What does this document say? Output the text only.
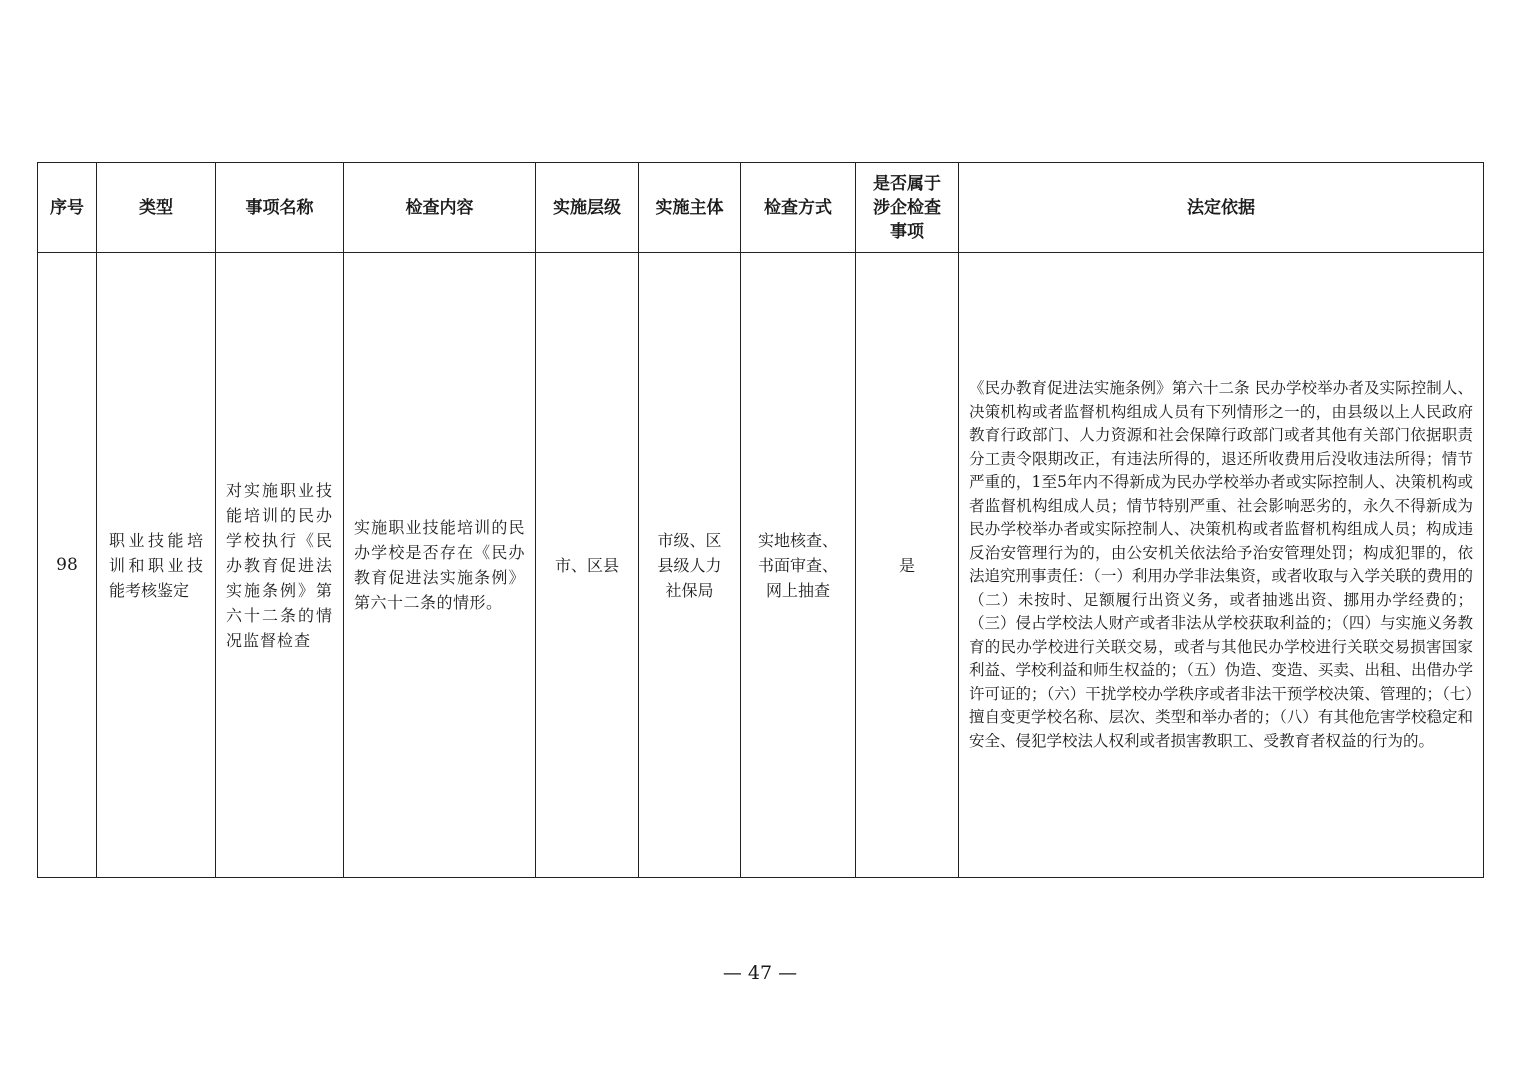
序号	类型	事项名称	检查内容	实施层级	实施主体	检查方式	是否属于涉企检查事项	法定依据
98	职业技能培训和职业技能考核鉴定	对实施职业技能培训的民办学校执行《民办教育促进法实施条例》第六十二条的情况监督检查	实施职业技能培训的民办学校是否存在《民办教育促进法实施条例》第六十二条的情形。	市、区县	市级、区县级人力社保局	实地核查、书面审查、网上抽查	是	《民办教育促进法实施条例》第六十二条 民办学校举办者及实际控制人、决策机构或者监督机构组成人员有下列情形之一的，由县级以上人民政府教育行政部门、人力资源和社会保障行政部门或者其他有关部门依据职责分工责令限期改正，有违法所得的，退还所收费用后没收违法所得；情节严重的，1至5年内不得新成为民办学校举办者或实际控制人、决策机构或者监督机构组成人员；情节特别严重、社会影响恶劣的，永久不得新成为民办学校举办者或实际控制人、决策机构或者监督机构组成人员；构成违反治安管理行为的，由公安机关依法给予治安管理处罚；构成犯罪的，依法追究刑事责任：（一）利用办学非法集资，或者收取与入学关联的费用的（二）未按时、足额履行出资义务，或者抽逃出资、挪用办学经费的；（三）侵占学校法人财产或者非法从学校获取利益的；（四）与实施义务教育的民办学校进行关联交易，或者与其他民办学校进行关联交易损害国家利益、学校利益和师生权益的；（五）伪造、变造、买卖、出租、出借办学许可证的；（六）干扰学校办学秩序或者非法干预学校决策、管理的；（七）擅自变更学校名称、层次、类型和举办者的；（八）有其他危害学校稳定和安全、侵犯学校法人权利或者损害教职工、受教育者权益的行为的。
— 47 —
